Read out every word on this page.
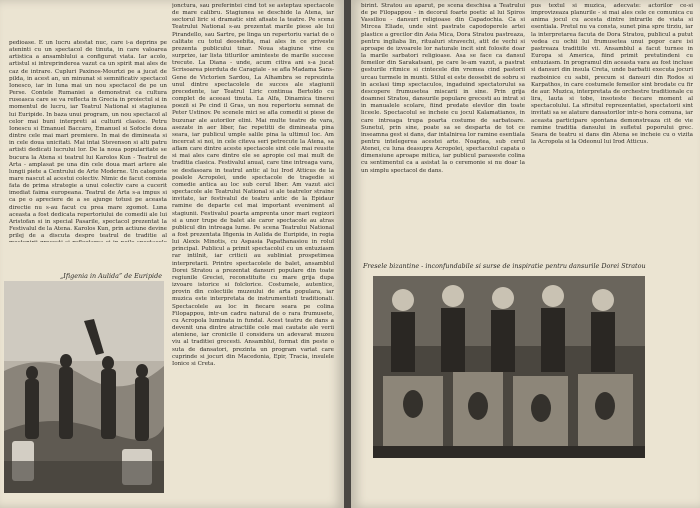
pedioase. E un lucru atestat nuc, care i-a deprins pe ateninti cu un spectacol de tinuta, in care valoarea artistica a ansamblului a configurat viata. Iar acolo, artistul si intreprinderea vazut ca un spirit mai ales de caz de intrare. Cupluri Paxinos-Mourtzi pe a jucat de pilda, in acest an, un minunat si semnificativ spectacol Ionesco, iar in luna mai un nou spectacol de pe un Perse. Contele Rumaniei a demonstrat ca cultura ruseasca care se va reflecta in Grecia in proiectul si in momentul de lucru, iar Teatrul National si stagiunea lui Euripide. In baza unui program, un nou spectacol al celor mai buni interpreti ai culturii clasice. Petru Ionescu si Emanuel Baccaro, Emanuel si Sofocle doua dintre cele mai mari premiere. In mai de dimineata si in cele doua unicitati. Mai intai Stevenson si alti patru artisti dedicati lucrului lor. De la noua popularitate se bucura la Atena si teatrul lui Karolos Kun - Teatrul de Arta - amplasat pe una din cele doua mari artere ale lungii piete a Centrului de Arte Moderne. Un categorie mare nascut al acestui colectiv. Nimic de facut comisia fata de prima strategie a unui colectiv care a cucerit imediat faima europeana. Teatrul de Arta s-a impus si ca pe o apreciere de a se ajunge totusi pe aceasta directie nu s-au facut cu prea mare zgomot. Luna aceasta a fost dedicata repertoriului de comedii ale lui Aristofan si in special Pasarile, spectacol prezentat la Festivalul de la Atena. Karolos Kun, prin actiune devine prilej de a discuta despre teatrul de traditie al

jonctura, sau preferintei cind tot se asteptau spectacole de mare calibru. Stagiunea se deschide la Atena, iar sectorul liric si dramatic sint afisate la teatre. Pe scena Teatrului National s-au prezentat marile piese ale lui Pirandello, sau Sartre, pe linga un repertoriu variat de o calitate cu totul deosebita, mai ales in ce priveste prezenta publicului tinar. Noua stagiune vine cu surprize, iar lista titlurilor aminteste de marile succese trecute. La Diana - unde, acum citiva ani s-a jucat Scrisoarea pierduta de Caragiale - se afla Madama Sans-Gene de Victorien Sardou, La Alhambra se reprezinta unul dintre spectacolele de succes ale stagiunii precedente, iar Teatrul Liric continua Bertoldo cu complet de aceeasi tinuta. La Alfa, Dinamica tinerei poezii si Pe cind il Gras, un nou repertoriu semnat de Peter Ustinov. Pe scenele mici se afla comedii si piese de buzunar ale autorilor elini. Mai multe teatre de vara, asezate in aer liber, fac repetitii de dimineata pina seara, iar publicul umple salile pina la ultimul loc. Am incercat si noi, in cele citeva seri petrecute la Atena, sa aflam care dintre aceste spectacole sint cele mai reusite si mai ales care dintre ele se apropie cel mai mult de traditia clasica. Festivalul anual, care tine intreaga vara, se desfasoara in teatrul antic al lui Irod Atticus de la poalele Acropolei, unde spectacole de tragedie si comedie antica au loc sub cerul liber. Am vazut aici spectacole ale Teatrului National si ale teatrelor straine invitate, iar festivalul de teatru antic de la Epidaur ramine de departe cel mai important eveniment al stagiunii. Festivalul poarta amprenta unor mari regizori si a unor trupe de balet ale caror spectacole au atras publicul din intreaga lume. Pe scena Teatrului National a fost prezentata Ifigenia in Aulida de Euripide, in regia lui Alexis Minotis, cu Aspasia Papathanasiou in rolul principal. Publicul a primit spectacolul cu un entuziasm rar intilnit, iar criticii au subliniat prospetimea interpretarii. Printre spectacolele de balet, ansamblul Dorei Stratou a prezentat dansuri populare din toate regiunile Greciei, reconstituite cu mare grija dupa izvoare istorice si folclorice. Costumele, autentice, provin din colectiile muzeului de arta populara, iar muzica este interpretata de instrumentisti traditionali. Spectacolele au loc in fiecare seara pe colina Filopappou, intr-un cadru natural de o rara frumusete, cu Acropola luminata in fundal. Acest teatru de dans a devenit una dintre atractiile cele mai cautate ale verii ateniene, iar cronicile il considera un adevarat muzeu viu al traditiei grecesti. Ansamblul, format din peste o suta de dansatori, prezinta un program variat care cuprinde si jocuri din Macedonia, Epir, Tracia, insulele Ionice si Creta.

„Ifigenia in Aulida” de Euripide

birint. Stratou au aparut, pe scena deschisa a Teatrului de pe Filopappou - in decorul foarte poetic al lui Spiros Vassiliou - dansuri religioase din Capadochia. Ca si Mircea Eliade, unde sint pastrate capodoperele artei plastice a grecilor din Asia Mica, Dora Stratou pastreaza, pentru ingliaba lin, ritualuri stravechi, atit de vechi si aproape de izvoarele lor naturale incit sint folosite doar la marile sarbatori religioase. Asa se face ca dansul femeilor din Sarakatsani, pe care le-am vazut, a pastrat gesturile ritmice si cintecele din vremea cind pastorii urcau turmele in munti. Stilul ei este deosebit de sobru si in acelasi timp spectaculos, ingaduind spectatorului sa descopere frumusetea miscarii in sine. Prin grija doamnei Stratou, dansurile populare grecesti au intrat si in manualele scolare, fiind predate elevilor din toate liceele. Spectacolul se incheie cu jocul Kalamatianos, in care intreaga trupa poarta costume de sarbatoare. Sunetul, prin sine, poate sa se desparta de tot ce inseamna gest si dans, dar intalnirea lor ramine esentiala pentru intelegerea acestei arte. Noaptea, sub cerul Atenei, cu luna deasupra Acropolei, spectacolul capata o dimensiune aproape mitica, iar publicul paraseste colina cu sentimentul ca a asistat la o ceremonie si nu doar la un simplu spectacol de dans.

pus textul si muzica, adecvate: actorilor ce-si improvizeaza planurile - si mai ales cele ce comunica cu anima jocul cu acesta dintre intrarile de viata si esentiala. Pretul nu va consta, sunet pina spre tirziu, iar la interpretarea facuta de Dora Stratou, publicul a putut vedea cu ochii lui frumusetea unui popor care isi pastreaza traditiile vii. Ansamblul a facut turnee in Europa si America, fiind primit pretutindeni cu entuziasm. In programul din aceasta vara au fost incluse si dansuri din insula Creta, unde barbatii executa jocuri razboinice cu sabii, precum si dansuri din Rodos si Karpathos, in care costumele femeilor sint brodate cu fir de aur. Muzica, interpretata de orchestre traditionale cu lira, lauta si tobe, insoteste fiecare moment al spectacolului. La sfirsitul reprezentatiei, spectatorii sint invitati sa se alature dansatorilor intr-o hora comuna, iar aceasta participare spontana demonstreaza cit de vie ramine traditia dansului in sufletul poporului grec. Seara de teatru si dans din Atena se incheie cu o vizita la Acropola si la Odeonul lui Irod Atticus.

Fresele bizantine - inconfundabile si surse de inspiratie pentru dansurile Dorei Stratou
